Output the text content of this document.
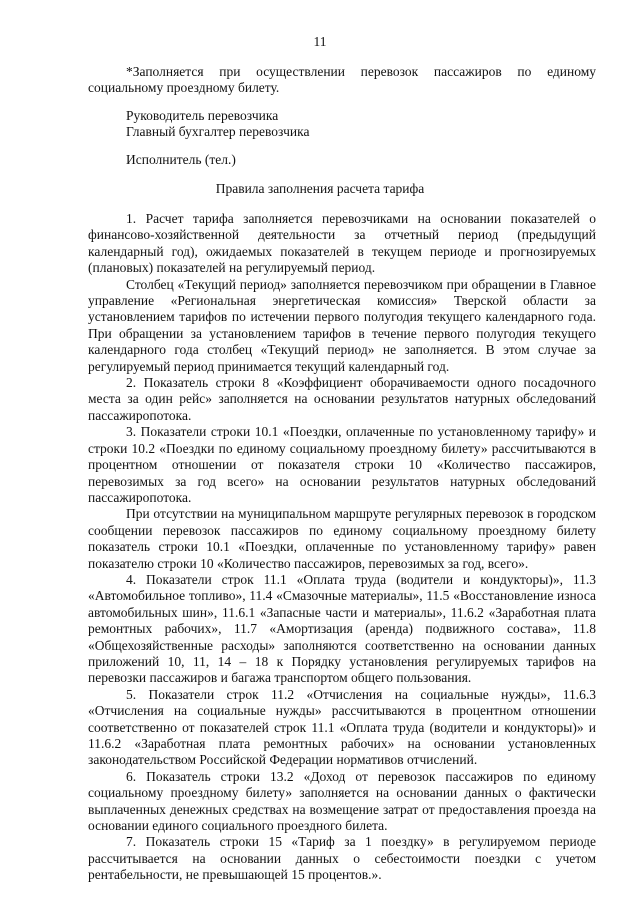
11

*Заполняется при осуществлении перевозок пассажиров по единому социальному проездному билету.

Руководитель перевозчика
Главный бухгалтер перевозчика
Исполнитель (тел.)
Правила заполнения расчета тарифа

1. Расчет тарифа заполняется перевозчиками на основании показателей о финансово-хозяйственной деятельности за отчетный период (предыдущий календарный год), ожидаемых показателей в текущем периоде и прогнозируемых (плановых) показателей на регулируемый период.

Столбец «Текущий период» заполняется перевозчиком при обращении в Главное управление «Региональная энергетическая комиссия» Тверской области за установлением тарифов по истечении первого полугодия текущего календарного года. При обращении за установлением тарифов в течение первого полугодия текущего календарного года столбец «Текущий период» не заполняется. В этом случае за регулируемый период принимается текущий календарный год.

2. Показатель строки 8 «Коэффициент оборачиваемости одного посадочного места за один рейс» заполняется на основании результатов натурных обследований пассажиропотока.

3. Показатели строки 10.1 «Поездки, оплаченные по установленному тарифу» и строки 10.2 «Поездки по единому социальному проездному билету» рассчитываются в процентном отношении от показателя строки 10 «Количество пассажиров, перевозимых за год всего» на основании результатов натурных обследований пассажиропотока.

При отсутствии на муниципальном маршруте регулярных перевозок в городском сообщении перевозок пассажиров по единому социальному проездному билету показатель строки 10.1 «Поездки, оплаченные по установленному тарифу» равен показателю строки 10 «Количество пассажиров, перевозимых за год, всего».

4. Показатели строк 11.1 «Оплата труда (водители и кондукторы)», 11.3 «Автомобильное топливо», 11.4 «Смазочные материалы», 11.5 «Восстановление износа автомобильных шин», 11.6.1 «Запасные части и материалы», 11.6.2 «Заработная плата ремонтных рабочих», 11.7 «Амортизация (аренда) подвижного состава», 11.8 «Общехозяйственные расходы» заполняются соответственно на основании данных приложений 10, 11, 14 – 18 к Порядку установления регулируемых тарифов на перевозки пассажиров и багажа транспортом общего пользования.

5. Показатели строк 11.2 «Отчисления на социальные нужды», 11.6.3 «Отчисления на социальные нужды» рассчитываются в процентном отношении соответственно от показателей строк 11.1 «Оплата труда (водители и кондукторы)» и 11.6.2 «Заработная плата ремонтных рабочих» на основании установленных законодательством Российской Федерации нормативов отчислений.

6. Показатель строки 13.2 «Доход от перевозок пассажиров по единому социальному проездному билету» заполняется на основании данных о фактически выплаченных денежных средствах на возмещение затрат от предоставления проезда на основании единого социального проездного билета.

7. Показатель строки 15 «Тариф за 1 поездку» в регулируемом периоде рассчитывается на основании данных о себестоимости поездки с учетом рентабельности, не превышающей 15 процентов.».
